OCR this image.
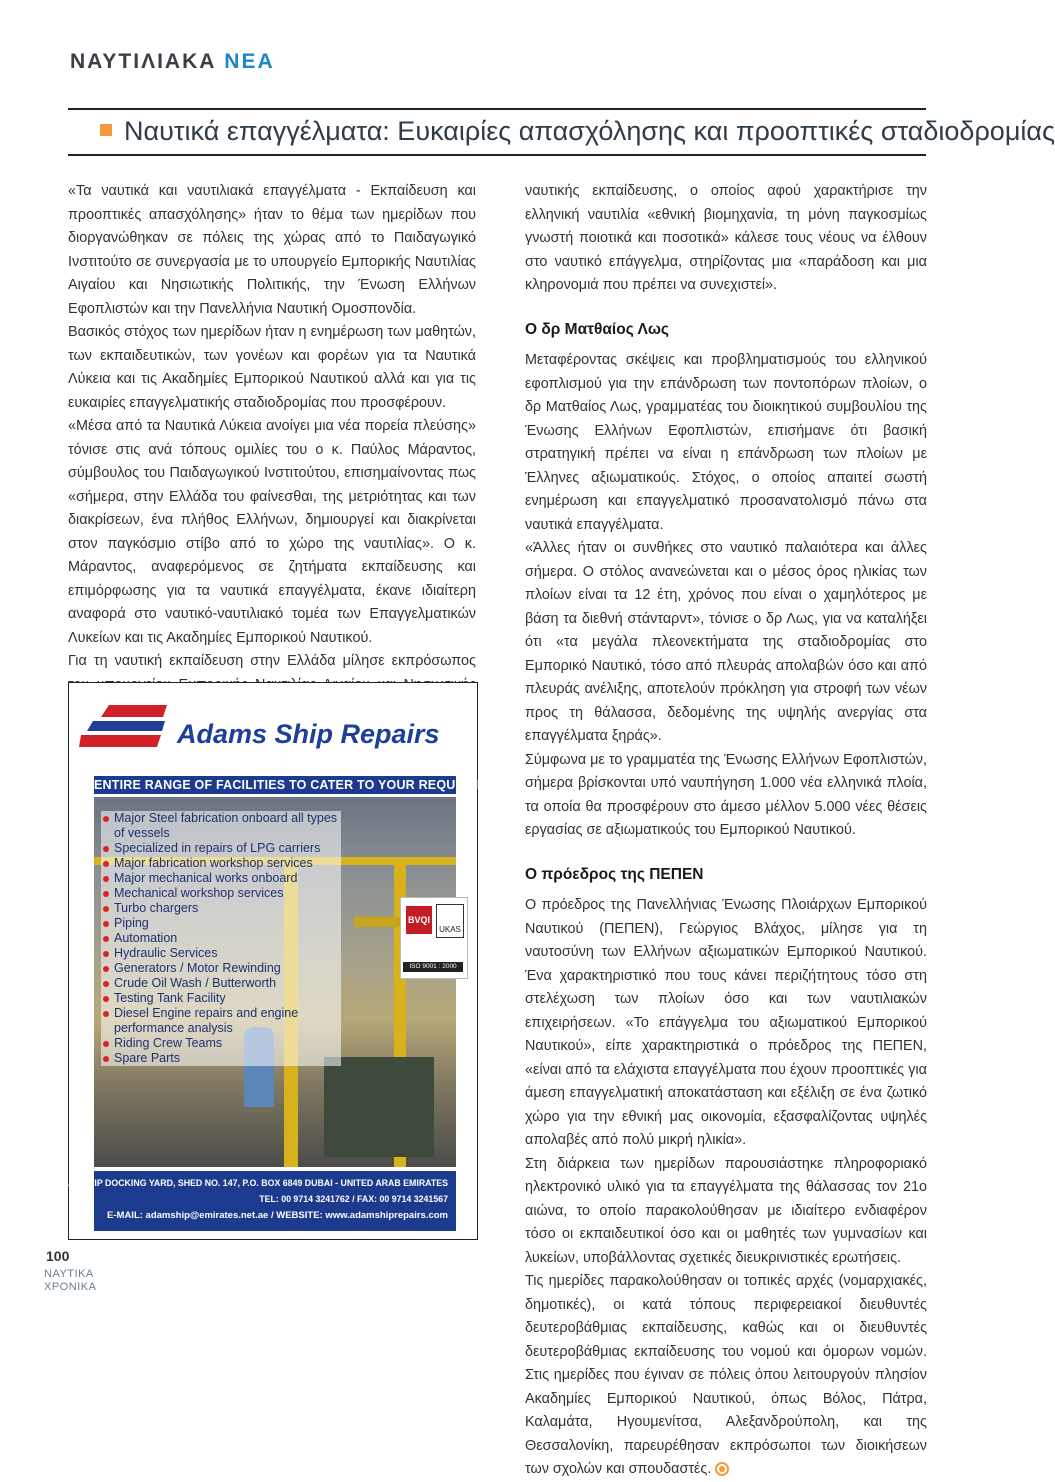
ΝΑΥΤΙΛΙΑΚΑ ΝΕΑ
Ναυτικά επαγγέλματα: Ευκαιρίες απασχόλησης και προοπτικές σταδιοδρομίας

«Τα ναυτικά και ναυτιλιακά επαγγέλματα - Εκπαίδευση και προοπτικές απασχόλησης» ήταν το θέμα των ημερίδων που διοργανώθηκαν σε πόλεις της χώρας από το Παιδαγωγικό Ινστιτούτο σε συνεργασία με το υπουργείο Εμπορικής Ναυτιλίας Αιγαίου και Νησιωτικής Πολιτικής, την Ένωση Ελλήνων Εφοπλιστών και την Πανελλήνια Ναυτική Ομοσπονδία.

Βασικός στόχος των ημερίδων ήταν η ενημέρωση των μαθητών, των εκπαιδευτικών, των γονέων και φορέων για τα Ναυτικά Λύκεια και τις Ακαδημίες Εμπορικού Ναυτικού αλλά και για τις ευκαιρίες επαγγελματικής σταδιοδρομίας που προσφέρουν.

«Μέσα από τα Ναυτικά Λύκεια ανοίγει μια νέα πορεία πλεύσης» τόνισε στις ανά τόπους ομιλίες του ο κ. Παύλος Μάραντος, σύμβουλος του Παιδαγωγικού Ινστιτούτου, επισημαίνοντας πως «σήμερα, στην Ελλάδα του φαίνεσθαι, της μετριότητας και των διακρίσεων, ένα πλήθος Ελλήνων, δημιουργεί και διακρίνεται στον παγκόσμιο στίβο από το χώρο της ναυτιλίας». Ο κ. Μάραντος, αναφερόμενος σε ζητήματα εκπαίδευσης και επιμόρφωσης για τα ναυτικά επαγγέλματα, έκανε ιδιαίτερη αναφορά στο ναυτικό-ναυτιλιακό τομέα των Επαγγελματικών Λυκείων και τις Ακαδημίες Εμπορικού Ναυτικού.

Για τη ναυτική εκπαίδευση στην Ελλάδα μίλησε εκπρόσωπος

Adams Ship Repairs
ENTIRE RANGE OF FACILITIES TO CATER TO YOUR REQUIREMENTS
BVQI
UKAS
ISO 9001 : 2000
Major Steel fabrication onboard all types of vessels
Specialized in repairs of LPG carriers
Major fabrication workshop services
Major mechanical works onboard
Mechanical workshop services
Turbo chargers
Piping
Automation
Hydraulic Services
Generators / Motor Rewinding
Crude Oil Wash / Butterworth
Testing Tank Facility
Diesel Engine repairs and engine performance analysis
Riding Crew Teams
Spare Parts
AL JADAF SHIP DOCKING YARD, SHED NO. 147, P.O. BOX 6849 DUBAI - UNITED ARAB EMIRATES
TEL: 00 9714 3241762 / FAX: 00 9714 3241567
E-MAIL: adamship@emirates.net.ae / WEBSITE: www.adamshiprepairs.com

ναυτικής εκπαίδευσης, ο οποίος αφού χαρακτήρισε την ελληνική ναυτιλία «εθνική βιομηχανία, τη μόνη παγκοσμίως γνωστή ποιοτικά και ποσοτικά» κάλεσε τους νέους να έλθουν στο ναυτικό επάγγελμα, στηρίζοντας μια «παράδοση και μια κληρονομιά που πρέπει να συνεχιστεί».

Ο δρ Ματθαίος Λως

Μεταφέροντας σκέψεις και προβληματισμούς του ελληνικού εφοπλισμού για την επάνδρωση των ποντοπόρων πλοίων, ο δρ Ματθαίος Λως, γραμματέας του διοικητικού συμβουλίου της Ένωσης Ελλήνων Εφοπλιστών, επισήμανε ότι βασική στρατηγική πρέπει να είναι η επάνδρωση των πλοίων με Έλληνες αξιωματικούς. Στόχος, ο οποίος απαιτεί σωστή ενημέρωση και επαγγελματικό προσανατολισμό πάνω στα ναυτικά επαγγέλματα.

«Άλλες ήταν οι συνθήκες στο ναυτικό παλαιότερα και άλλες σήμερα. Ο στόλος ανανεώνεται και ο μέσος όρος ηλικίας των πλοίων είναι τα 12 έτη, χρόνος που είναι ο χαμηλότερος με βάση τα διεθνή στάνταρντ», τόνισε ο δρ Λως, για να καταλήξει ότι «τα μεγάλα πλεονεκτήματα της σταδιοδρομίας στο Εμπορικό Ναυτικό, τόσο από πλευράς απολαβών όσο και από πλευράς ανέλιξης, αποτελούν πρόκληση για στροφή των νέων προς τη θάλασσα, δεδομένης της υψηλής ανεργίας στα επαγγέλματα ξηράς».

Σύμφωνα με το γραμματέα της Ένωσης Ελλήνων Εφοπλιστών, σήμερα βρίσκονται υπό ναυπήγηση 1.000 νέα ελληνικά πλοία, τα οποία θα προσφέρουν στο άμεσο μέλλον 5.000 νέες θέσεις εργασίας σε αξιωματικούς του Εμπορικού Ναυτικού.

Ο πρόεδρος της ΠΕΠΕΝ

Ο πρόεδρος της Πανελλήνιας Ένωσης Πλοιάρχων Εμπορικού Ναυτικού (ΠΕΠΕΝ), Γεώργιος Βλάχος, μίλησε για τη ναυτοσύνη των Ελλήνων αξιωματικών Εμπορικού Ναυτικού. Ένα χαρακτηριστικό που τους κάνει περιζήτητους τόσο στη στελέχωση των πλοίων όσο και των ναυτιλιακών επιχειρήσεων. «Το επάγγελμα του αξιωματικού Εμπορικού Ναυτικού», είπε χαρακτηριστικά ο πρόεδρος της ΠΕΠΕΝ, «είναι από τα ελάχιστα επαγγέλματα που έχουν προοπτικές για άμεση επαγγελματική αποκατάσταση και εξέλιξη σε ένα ζωτικό χώρο για την εθνική μας οικονομία, εξασφαλίζοντας υψηλές απολαβές από πολύ μικρή ηλικία».

Στη διάρκεια των ημερίδων παρουσιάστηκε πληροφοριακό ηλεκτρονικό υλικό για τα επαγγέλματα της θάλασσας τον 21ο αιώνα, το οποίο παρακολούθησαν με ιδιαίτερο ενδιαφέρον τόσο οι εκπαιδευτικοί όσο και οι μαθητές των γυμνασίων και λυκείων, υποβάλλοντας σχετικές διευκρινιστικές ερωτήσεις.

Τις ημερίδες παρακολούθησαν οι τοπικές αρχές (νομαρχιακές, δημοτικές), οι κατά τόπους περιφερειακοί διευθυντές δευτεροβάθμιας εκπαίδευσης, καθώς και οι διευθυντές δευτεροβάθμιας εκπαίδευσης του νομού και όμορων νομών. Στις ημερίδες που έγιναν σε πόλεις όπου λειτουργούν πλησίον Ακαδημίες Εμπορικού Ναυτικού, όπως Βόλος, Πάτρα, Καλαμάτα, Ηγουμενίτσα, Αλεξανδρούπολη, και της Θεσσαλονίκη, παρευρέθησαν εκπρόσωποι των διοικήσεων των σχολών και σπουδαστές.

100
ΝΑΥΤΙΚΑ
ΧΡΟΝΙΚΑ
